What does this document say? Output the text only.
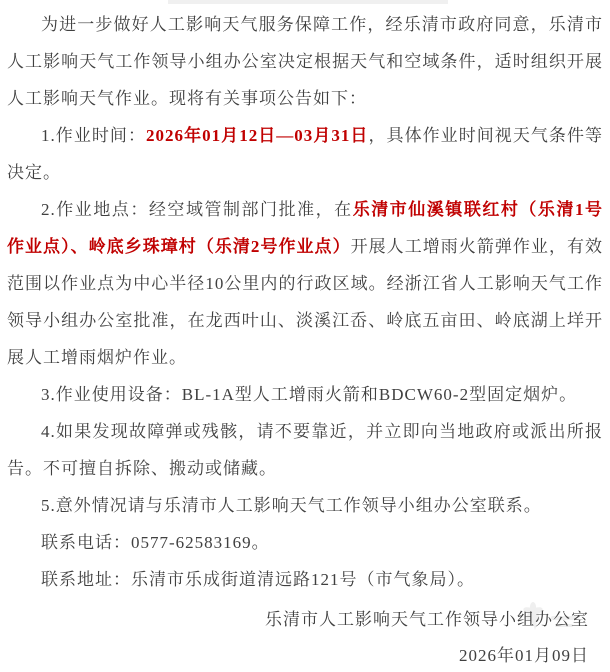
为进一步做好人工影响天气服务保障工作，经乐清市政府同意，乐清市人工影响天气工作领导小组办公室决定根据天气和空域条件，适时组织开展人工影响天气作业。现将有关事项公告如下：

1.作业时间：2026年01月12日—03月31日，具体作业时间视天气条件等决定。

2.作业地点：经空域管制部门批准，在乐清市仙溪镇联红村（乐清1号作业点）、岭底乡珠璋村（乐清2号作业点）开展人工增雨火箭弹作业，有效范围以作业点为中心半径10公里内的行政区域。经浙江省人工影响天气工作领导小组办公室批准，在龙西叶山、淡溪江岙、岭底五亩田、岭底湖上垟开展人工增雨烟炉作业。

3.作业使用设备：BL-1A型人工增雨火箭和BDCW60-2型固定烟炉。

4.如果发现故障弹或残骸，请不要靠近，并立即向当地政府或派出所报告。不可擅自拆除、搬动或储藏。

5.意外情况请与乐清市人工影响天气工作领导小组办公室联系。

联系电话：0577-62583169。

联系地址：乐清市乐成街道清远路121号（市气象局）。

乐清市人工影响天气工作领导小组办公室

2026年01月09日
